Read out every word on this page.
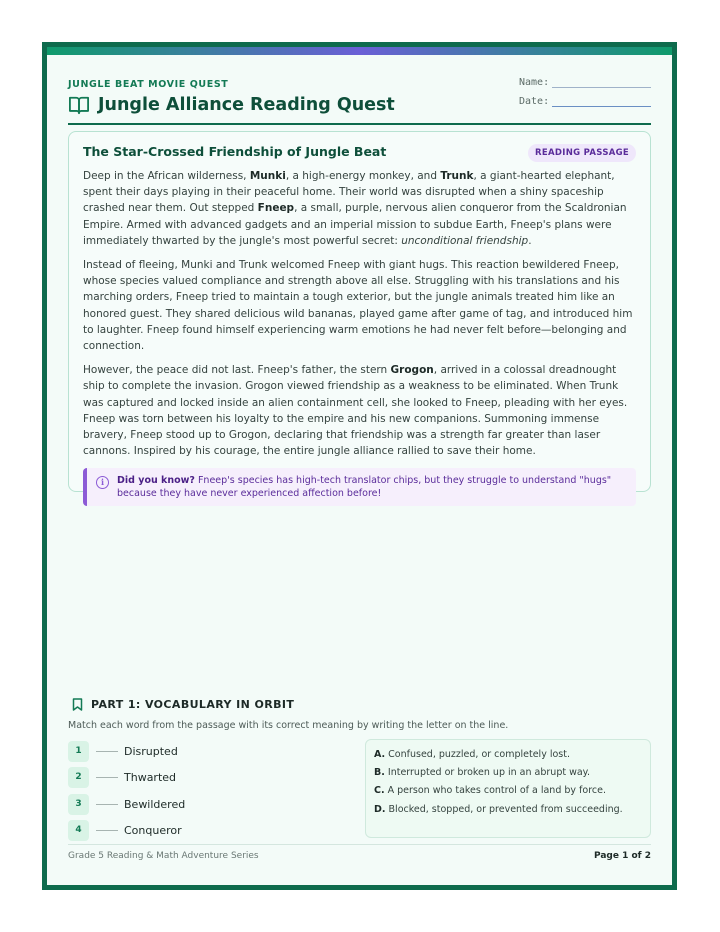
JUNGLE BEAT MOVIE QUEST
Jungle Alliance Reading Quest
Name:
Date:
The Star-Crossed Friendship of Jungle Beat	READING PASSAGE

Deep in the African wilderness, Munki, a high-energy monkey, and Trunk, a giant-hearted elephant, spent their days playing in their peaceful home. Their world was disrupted when a shiny spaceship crashed near them. Out stepped Fneep, a small, purple, nervous alien conqueror from the Scaldronian Empire. Armed with advanced gadgets and an imperial mission to subdue Earth, Fneep's plans were immediately thwarted by the jungle's most powerful secret: unconditional friendship.

Instead of fleeing, Munki and Trunk welcomed Fneep with giant hugs. This reaction bewildered Fneep, whose species valued compliance and strength above all else. Struggling with his translations and his marching orders, Fneep tried to maintain a tough exterior, but the jungle animals treated him like an honored guest. They shared delicious wild bananas, played game after game of tag, and introduced him to laughter. Fneep found himself experiencing warm emotions he had never felt before—belonging and connection.

However, the peace did not last. Fneep's father, the stern Grogon, arrived in a colossal dreadnought ship to complete the invasion. Grogon viewed friendship as a weakness to be eliminated. When Trunk was captured and locked inside an alien containment cell, she looked to Fneep, pleading with her eyes. Fneep was torn between his loyalty to the empire and his new companions. Summoning immense bravery, Fneep stood up to Grogon, declaring that friendship was a strength far greater than laser cannons. Inspired by his courage, the entire jungle alliance rallied to save their home.

i	Did you know? Fneep's species has high-tech translator chips, but they struggle to understand "hugs" because they have never experienced affection before!
PART 1: VOCABULARY IN ORBIT
Match each word from the passage with its correct meaning by writing the letter on the line.
1	Disrupted
2	Thwarted
3	Bewildered
4	Conqueror
A. Confused, puzzled, or completely lost.
B. Interrupted or broken up in an abrupt way.
C. A person who takes control of a land by force.
D. Blocked, stopped, or prevented from succeeding.
Grade 5 Reading & Math Adventure Series	Page 1 of 2
